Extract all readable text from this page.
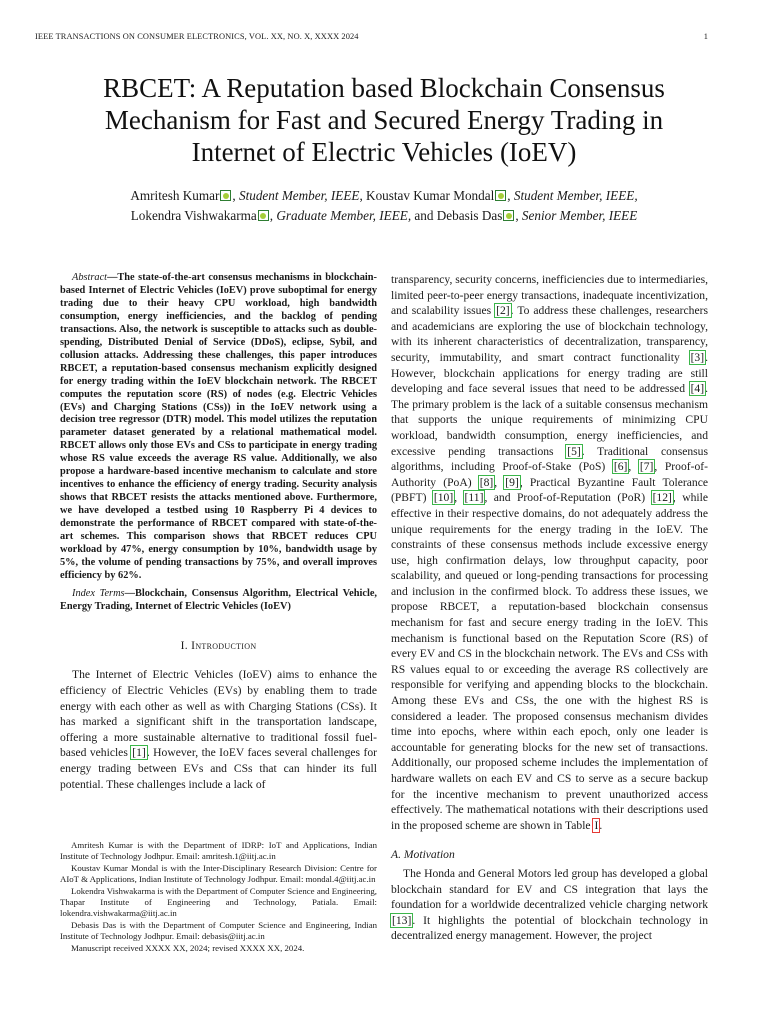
IEEE TRANSACTIONS ON CONSUMER ELECTRONICS, VOL. XX, NO. X, XXXX 2024	1
RBCET: A Reputation based Blockchain Consensus
Mechanism for Fast and Secured Energy Trading in
Internet of Electric Vehicles (IoEV)
Amritesh Kumar , Student Member, IEEE, Koustav Kumar Mondal , Student Member, IEEE,
Lokendra Vishwakarma , Graduate Member, IEEE, and Debasis Das , Senior Member, IEEE

Abstract—The state-of-the-art consensus mechanisms in blockchain-based Internet of Electric Vehicles (IoEV) prove suboptimal for energy trading due to their heavy CPU workload, high bandwidth consumption, energy inefficiencies, and the backlog of pending transactions. Also, the network is susceptible to attacks such as double-spending, Distributed Denial of Service (DDoS), eclipse, Sybil, and collusion attacks. Addressing these challenges, this paper introduces RBCET, a reputation-based consensus mechanism explicitly designed for energy trading within the IoEV blockchain network. The RBCET computes the reputation score (RS) of nodes (e.g. Electric Vehicles (EVs) and Charging Stations (CSs)) in the IoEV network using a decision tree regressor (DTR) model. This model utilizes the reputation parameter dataset generated by a relational mathematical model. RBCET allows only those EVs and CSs to participate in energy trading whose RS value exceeds the average RS value. Additionally, we also propose a hardware-based incentive mechanism to calculate and store incentives to enhance the efficiency of energy trading. Security analysis shows that RBCET resists the attacks mentioned above. Furthermore, we have developed a testbed using 10 Raspberry Pi 4 devices to demonstrate the performance of RBCET compared with state-of-the-art schemes. This comparison shows that RBCET reduces CPU workload by 47%, energy consumption by 10%, bandwidth usage by 5%, the volume of pending transactions by 75%, and overall improves efficiency by 62%.

Index Terms—Blockchain, Consensus Algorithm, Electrical Vehicle, Energy Trading, Internet of Electric Vehicles (IoEV)
I. Introduction

The Internet of Electric Vehicles (IoEV) aims to enhance the efficiency of Electric Vehicles (EVs) by enabling them to trade energy with each other as well as with Charging Stations (CSs). It has marked a significant shift in the transportation landscape, offering a more sustainable alternative to traditional fossil fuel-based vehicles [1]. However, the IoEV faces several challenges for energy trading between EVs and CSs that can hinder its full potential. These challenges include a lack of

transparency, security concerns, inefficiencies due to intermediaries, limited peer-to-peer energy transactions, inadequate incentivization, and scalability issues [2]. To address these challenges, researchers and academicians are exploring the use of blockchain technology, with its inherent characteristics of decentralization, transparency, security, immutability, and smart contract functionality [3]. However, blockchain applications for energy trading are still developing and face several issues that need to be addressed [4]. The primary problem is the lack of a suitable consensus mechanism that supports the unique requirements of minimizing CPU workload, bandwidth consumption, energy inefficiencies, and excessive pending transactions [5]. Traditional consensus algorithms, including Proof-of-Stake (PoS) [6], [7], Proof-of-Authority (PoA) [8], [9], Practical Byzantine Fault Tolerance (PBFT) [10], [11], and Proof-of-Reputation (PoR) [12], while effective in their respective domains, do not adequately address the unique requirements for the energy trading in the IoEV. The constraints of these consensus methods include excessive energy use, high confirmation delays, low throughput capacity, poor scalability, and queued or long-pending transactions for processing and inclusion in the confirmed block. To address these issues, we propose RBCET, a reputation-based blockchain consensus mechanism for fast and secure energy trading in the IoEV. This mechanism is functional based on the Reputation Score (RS) of every EV and CS in the blockchain network. The EVs and CSs with RS values equal to or exceeding the average RS collectively are responsible for verifying and appending blocks to the blockchain. Among these EVs and CSs, the one with the highest RS is considered a leader. The proposed consensus mechanism divides time into epochs, where within each epoch, only one leader is accountable for generating blocks for the new set of transactions. Additionally, our proposed scheme includes the implementation of hardware wallets on each EV and CS to serve as a secure backup for the incentive mechanism to prevent unauthorized access effectively. The mathematical notations with their descriptions used in the proposed scheme are shown in Table I.

A. Motivation

The Honda and General Motors led group has developed a global blockchain standard for EV and CS integration that lays the foundation for a worldwide decentralized vehicle charging network [13]. It highlights the potential of blockchain technology in decentralized energy management. However, the project

Amritesh Kumar is with the Department of IDRP: IoT and Applications, Indian Institute of Technology Jodhpur. Email: amritesh.1@iitj.ac.in

Koustav Kumar Mondal is with the Inter-Disciplinary Research Division: Centre for AIoT & Applications, Indian Institute of Technology Jodhpur. Email: mondal.4@iitj.ac.in

Lokendra Vishwakarma is with the Department of Computer Science and Engineering, Thapar Institute of Engineering and Technology, Patiala. Email: lokendra.vishwakarma@iitj.ac.in

Debasis Das is with the Department of Computer Science and Engineering, Indian Institute of Technology Jodhpur. Email: debasis@iitj.ac.in

Manuscript received XXXX XX, 2024; revised XXXX XX, 2024.
